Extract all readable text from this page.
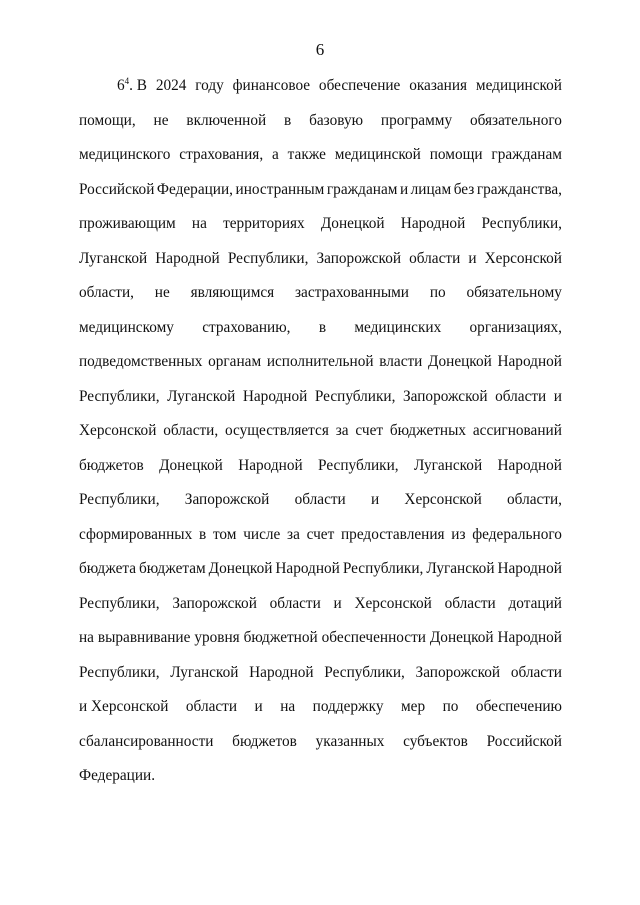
6
$6^4$. В 2024 году финансовое обеспечение оказания медицинской
помощи, не включенной в базовую программу обязательного
медицинского страхования, а также медицинской помощи гражданам
Российской Федерации, иностранным гражданам и лицам без гражданства,
проживающим на территориях Донецкой Народной Республики,
Луганской Народной Республики, Запорожской области и Херсонской
области, не являющимся застрахованными по обязательному
медицинскому страхованию, в медицинских организациях,
подведомственных органам исполнительной власти Донецкой Народной
Республики, Луганской Народной Республики, Запорожской области и
Херсонской области, осуществляется за счет бюджетных ассигнований
бюджетов Донецкой Народной Республики, Луганской Народной
Республики, Запорожской области и Херсонской области,
сформированных в том числе за счет предоставления из федерального
бюджета бюджетам Донецкой Народной Республики, Луганской Народной
Республики, Запорожской области и Херсонской области дотаций
на выравнивание уровня бюджетной обеспеченности Донецкой Народной
Республики, Луганской Народной Республики, Запорожской области
и Херсонской области и на поддержку мер по обеспечению
сбалансированности бюджетов указанных субъектов Российской
Федерации.
